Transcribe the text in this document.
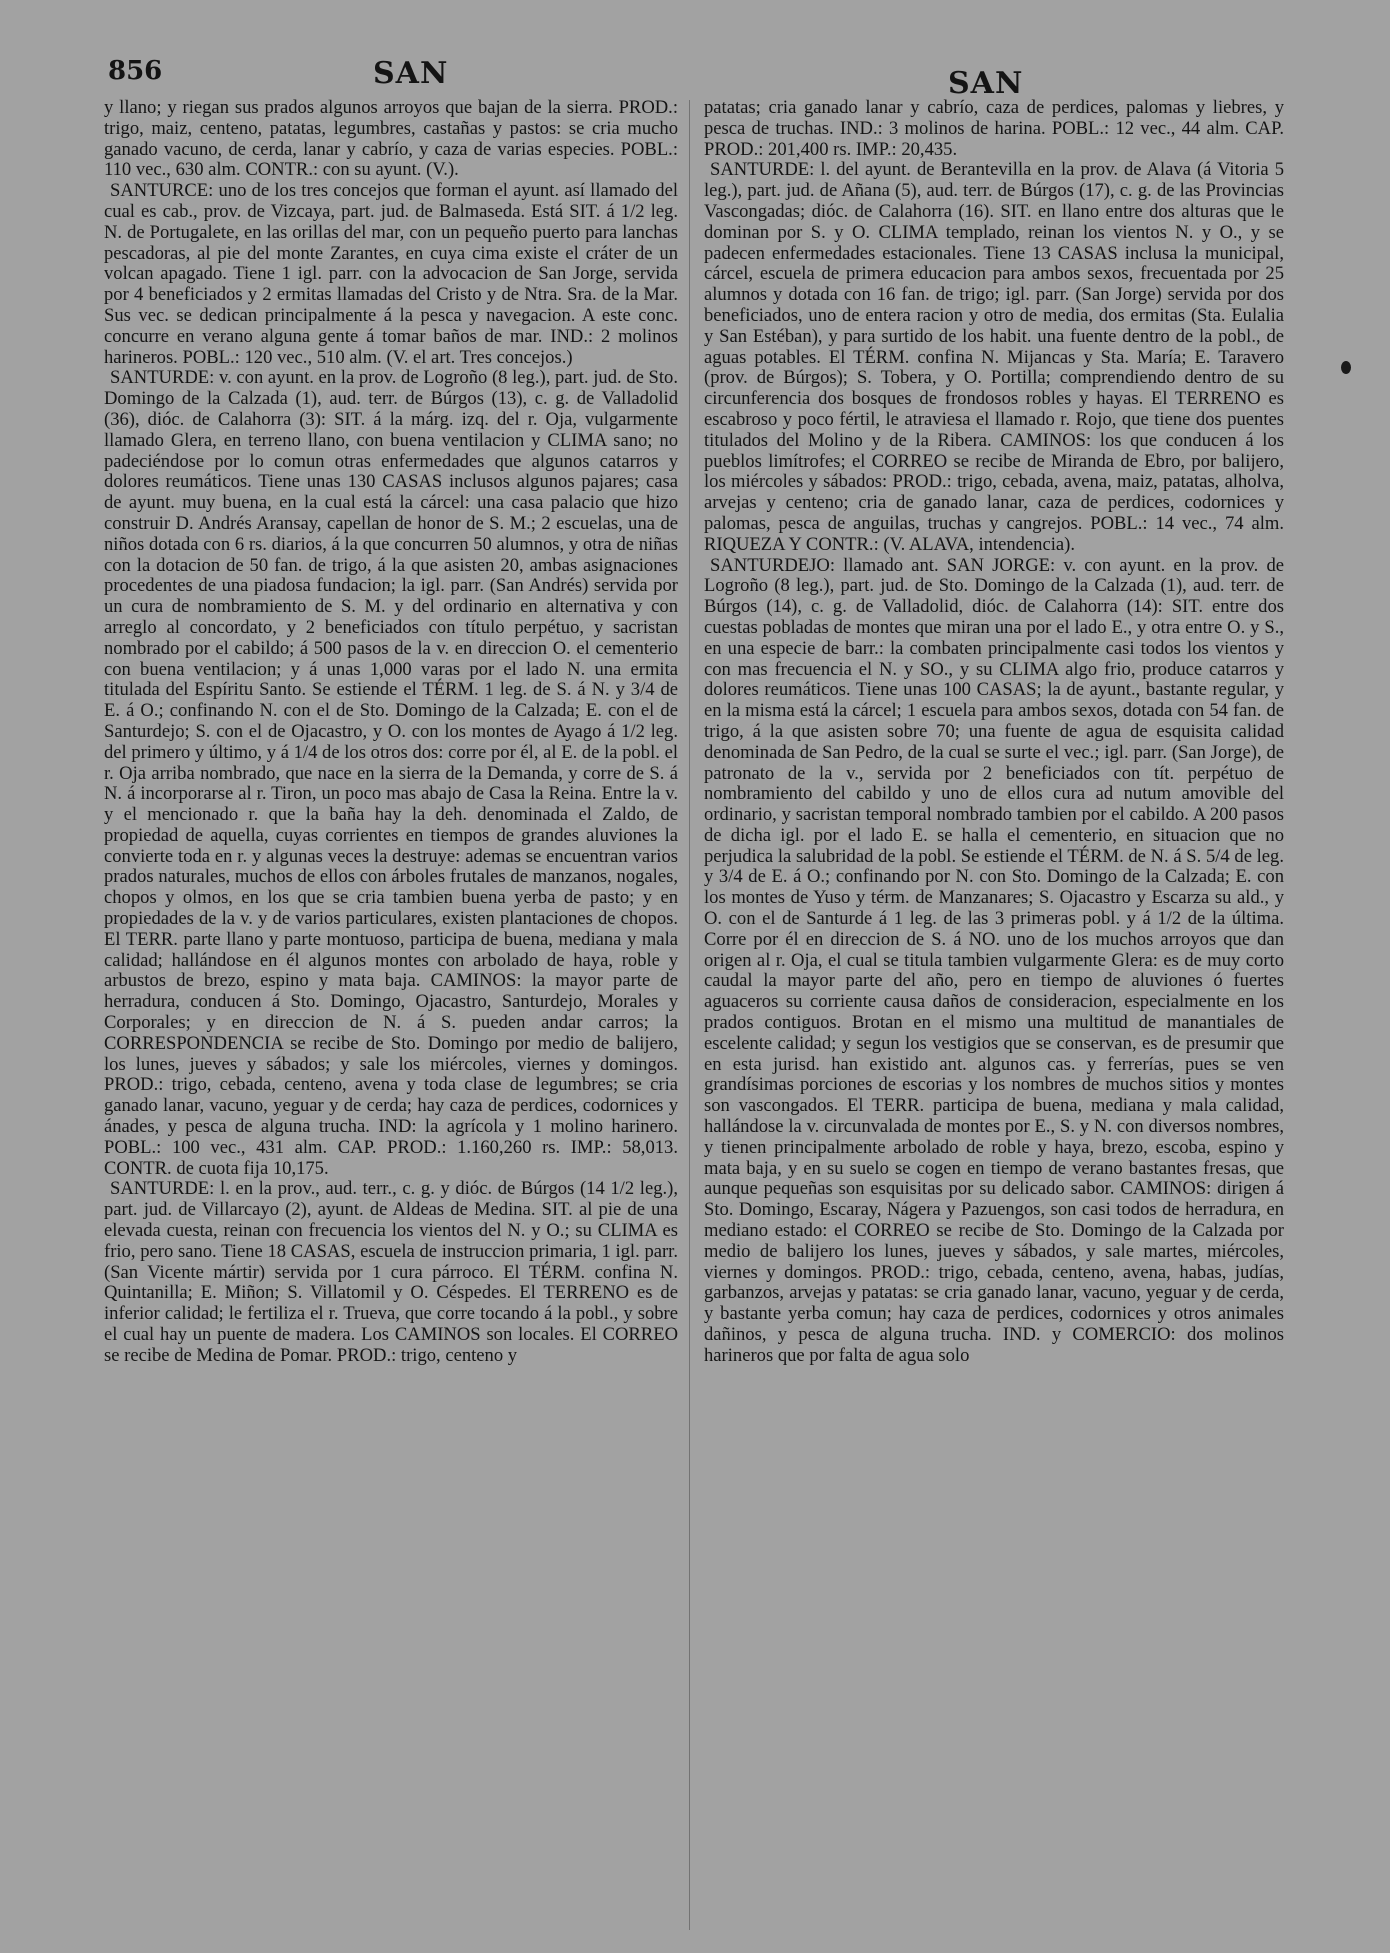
856	SAN	SAN

y llano; y riegan sus prados algunos arroyos que bajan de la sierra. PROD.: trigo, maiz, centeno, patatas, legumbres, castañas y pastos: se cria mucho ganado vacuno, de cerda, lanar y cabrío, y caza de varias especies. POBL.: 110 vec., 630 alm. CONTR.: con su ayunt. (V.).

SANTURCE: uno de los tres concejos que forman el ayunt. así llamado del cual es cab., prov. de Vizcaya, part. jud. de Balmaseda. Está SIT. á 1/2 leg. N. de Portugalete, en las orillas del mar, con un pequeño puerto para lanchas pescadoras, al pie del monte Zarantes, en cuya cima existe el cráter de un volcan apagado. Tiene 1 igl. parr. con la advocacion de San Jorge, servida por 4 beneficiados y 2 ermitas llamadas del Cristo y de Ntra. Sra. de la Mar. Sus vec. se dedican principalmente á la pesca y navegacion. A este conc. concurre en verano alguna gente á tomar baños de mar. IND.: 2 molinos harineros. POBL.: 120 vec., 510 alm. (V. el art. Tres concejos.)

SANTURDE: v. con ayunt. en la prov. de Logroño (8 leg.), part. jud. de Sto. Domingo de la Calzada (1), aud. terr. de Búrgos (13), c. g. de Valladolid (36), dióc. de Calahorra (3): SIT. á la márg. izq. del r. Oja, vulgarmente llamado Glera, en terreno llano, con buena ventilacion y CLIMA sano; no padeciéndose por lo comun otras enfermedades que algunos catarros y dolores reumáticos. Tiene unas 130 CASAS inclusos algunos pajares; casa de ayunt. muy buena, en la cual está la cárcel: una casa palacio que hizo construir D. Andrés Aransay, capellan de honor de S. M.; 2 escuelas, una de niños dotada con 6 rs. diarios, á la que concurren 50 alumnos, y otra de niñas con la dotacion de 50 fan. de trigo, á la que asisten 20, ambas asignaciones procedentes de una piadosa fundacion; la igl. parr. (San Andrés) servida por un cura de nombramiento de S. M. y del ordinario en alternativa y con arreglo al concordato, y 2 beneficiados con título perpétuo, y sacristan nombrado por el cabildo; á 500 pasos de la v. en direccion O. el cementerio con buena ventilacion; y á unas 1,000 varas por el lado N. una ermita titulada del Espíritu Santo. Se estiende el TÉRM. 1 leg. de S. á N. y 3/4 de E. á O.; confinando N. con el de Sto. Domingo de la Calzada; E. con el de Santurdejo; S. con el de Ojacastro, y O. con los montes de Ayago á 1/2 leg. del primero y último, y á 1/4 de los otros dos: corre por él, al E. de la pobl. el r. Oja arriba nombrado, que nace en la sierra de la Demanda, y corre de S. á N. á incorporarse al r. Tiron, un poco mas abajo de Casa la Reina. Entre la v. y el mencionado r. que la baña hay la deh. denominada el Zaldo, de propiedad de aquella, cuyas corrientes en tiempos de grandes aluviones la convierte toda en r. y algunas veces la destruye: ademas se encuentran varios prados naturales, muchos de ellos con árboles frutales de manzanos, nogales, chopos y olmos, en los que se cria tambien buena yerba de pasto; y en propiedades de la v. y de varios particulares, existen plantaciones de chopos. El TERR. parte llano y parte montuoso, participa de buena, mediana y mala calidad; hallándose en él algunos montes con arbolado de haya, roble y arbustos de brezo, espino y mata baja. CAMINOS: la mayor parte de herradura, conducen á Sto. Domingo, Ojacastro, Santurdejo, Morales y Corporales; y en direccion de N. á S. pueden andar carros; la CORRESPONDENCIA se recibe de Sto. Domingo por medio de balijero, los lunes, jueves y sábados; y sale los miércoles, viernes y domingos. PROD.: trigo, cebada, centeno, avena y toda clase de legumbres; se cria ganado lanar, vacuno, yeguar y de cerda; hay caza de perdices, codornices y ánades, y pesca de alguna trucha. IND: la agrícola y 1 molino harinero. POBL.: 100 vec., 431 alm. CAP. PROD.: 1.160,260 rs. IMP.: 58,013. CONTR. de cuota fija 10,175.

SANTURDE: l. en la prov., aud. terr., c. g. y dióc. de Búrgos (14 1/2 leg.), part. jud. de Villarcayo (2), ayunt. de Aldeas de Medina. SIT. al pie de una elevada cuesta, reinan con frecuencia los vientos del N. y O.; su CLIMA es frio, pero sano. Tiene 18 CASAS, escuela de instruccion primaria, 1 igl. parr. (San Vicente mártir) servida por 1 cura párroco. El TÉRM. confina N. Quintanilla; E. Miñon; S. Villatomil y O. Céspedes. El TERRENO es de inferior calidad; le fertiliza el r. Trueva, que corre tocando á la pobl., y sobre el cual hay un puente de madera. Los CAMINOS son locales. El CORREO se recibe de Medina de Pomar. PROD.: trigo, centeno y

patatas; cria ganado lanar y cabrío, caza de perdices, palomas y liebres, y pesca de truchas. IND.: 3 molinos de harina. POBL.: 12 vec., 44 alm. CAP. PROD.: 201,400 rs. IMP.: 20,435.

SANTURDE: l. del ayunt. de Berantevilla en la prov. de Alava (á Vitoria 5 leg.), part. jud. de Añana (5), aud. terr. de Búrgos (17), c. g. de las Provincias Vascongadas; dióc. de Calahorra (16). SIT. en llano entre dos alturas que le dominan por S. y O. CLIMA templado, reinan los vientos N. y O., y se padecen enfermedades estacionales. Tiene 13 CASAS inclusa la municipal, cárcel, escuela de primera educacion para ambos sexos, frecuentada por 25 alumnos y dotada con 16 fan. de trigo; igl. parr. (San Jorge) servida por dos beneficiados, uno de entera racion y otro de media, dos ermitas (Sta. Eulalia y San Estéban), y para surtido de los habit. una fuente dentro de la pobl., de aguas potables. El TÉRM. confina N. Mijancas y Sta. María; E. Taravero (prov. de Búrgos); S. Tobera, y O. Portilla; comprendiendo dentro de su circunferencia dos bosques de frondosos robles y hayas. El TERRENO es escabroso y poco fértil, le atraviesa el llamado r. Rojo, que tiene dos puentes titulados del Molino y de la Ribera. CAMINOS: los que conducen á los pueblos limítrofes; el CORREO se recibe de Miranda de Ebro, por balijero, los miércoles y sábados: PROD.: trigo, cebada, avena, maiz, patatas, alholva, arvejas y centeno; cria de ganado lanar, caza de perdices, codornices y palomas, pesca de anguilas, truchas y cangrejos. POBL.: 14 vec., 74 alm. RIQUEZA Y CONTR.: (V. ALAVA, intendencia).

SANTURDEJO: llamado ant. SAN JORGE: v. con ayunt. en la prov. de Logroño (8 leg.), part. jud. de Sto. Domingo de la Calzada (1), aud. terr. de Búrgos (14), c. g. de Valladolid, dióc. de Calahorra (14): SIT. entre dos cuestas pobladas de montes que miran una por el lado E., y otra entre O. y S., en una especie de barr.: la combaten principalmente casi todos los vientos y con mas frecuencia el N. y SO., y su CLIMA algo frio, produce catarros y dolores reumáticos. Tiene unas 100 CASAS; la de ayunt., bastante regular, y en la misma está la cárcel; 1 escuela para ambos sexos, dotada con 54 fan. de trigo, á la que asisten sobre 70; una fuente de agua de esquisita calidad denominada de San Pedro, de la cual se surte el vec.; igl. parr. (San Jorge), de patronato de la v., servida por 2 beneficiados con tít. perpétuo de nombramiento del cabildo y uno de ellos cura ad nutum amovible del ordinario, y sacristan temporal nombrado tambien por el cabildo. A 200 pasos de dicha igl. por el lado E. se halla el cementerio, en situacion que no perjudica la salubridad de la pobl. Se estiende el TÉRM. de N. á S. 5/4 de leg. y 3/4 de E. á O.; confinando por N. con Sto. Domingo de la Calzada; E. con los montes de Yuso y térm. de Manzanares; S. Ojacastro y Escarza su ald., y O. con el de Santurde á 1 leg. de las 3 primeras pobl. y á 1/2 de la última. Corre por él en direccion de S. á NO. uno de los muchos arroyos que dan origen al r. Oja, el cual se titula tambien vulgarmente Glera: es de muy corto caudal la mayor parte del año, pero en tiempo de aluviones ó fuertes aguaceros su corriente causa daños de consideracion, especialmente en los prados contiguos. Brotan en el mismo una multitud de manantiales de escelente calidad; y segun los vestigios que se conservan, es de presumir que en esta jurisd. han existido ant. algunos cas. y ferrerías, pues se ven grandísimas porciones de escorias y los nombres de muchos sitios y montes son vascongados. El TERR. participa de buena, mediana y mala calidad, hallándose la v. circunvalada de montes por E., S. y N. con diversos nombres, y tienen principalmente arbolado de roble y haya, brezo, escoba, espino y mata baja, y en su suelo se cogen en tiempo de verano bastantes fresas, que aunque pequeñas son esquisitas por su delicado sabor. CAMINOS: dirigen á Sto. Domingo, Escaray, Nágera y Pazuengos, son casi todos de herradura, en mediano estado: el CORREO se recibe de Sto. Domingo de la Calzada por medio de balijero los lunes, jueves y sábados, y sale martes, miércoles, viernes y domingos. PROD.: trigo, cebada, centeno, avena, habas, judías, garbanzos, arvejas y patatas: se cria ganado lanar, vacuno, yeguar y de cerda, y bastante yerba comun; hay caza de perdices, codornices y otros animales dañinos, y pesca de alguna trucha. IND. y COMERCIO: dos molinos harineros que por falta de agua solo
